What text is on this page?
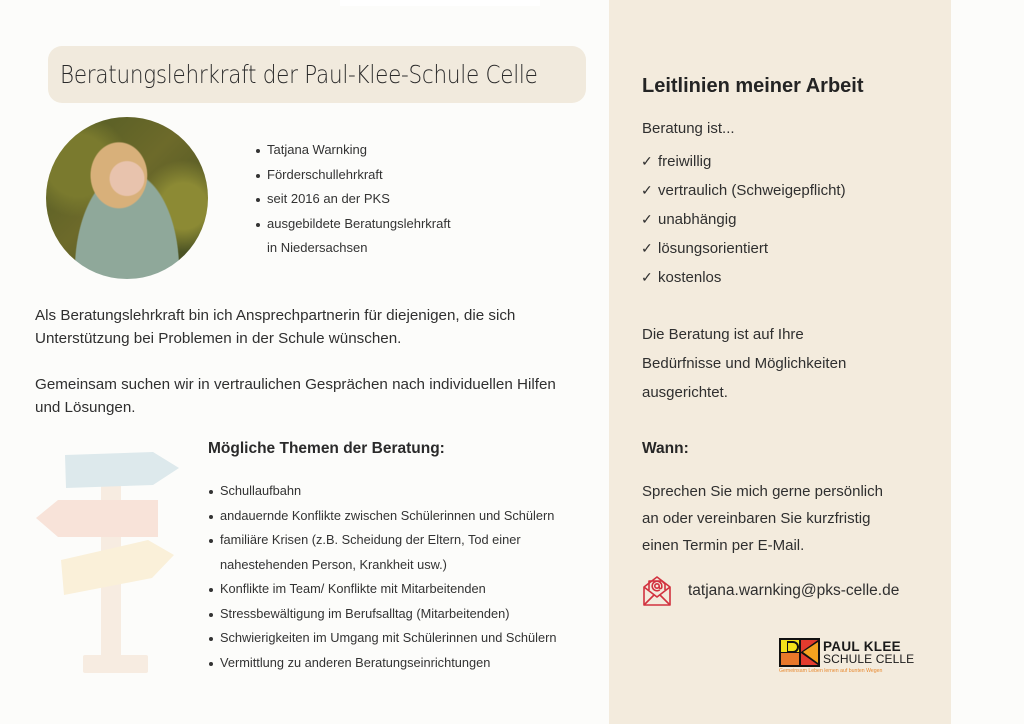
Beratungslehrkraft der Paul-Klee-Schule Celle
Tatjana Warnking
Förderschullehrkraft
seit 2016 an der PKS
ausgebildete Beratungslehrkraft
in Niedersachsen

Als Beratungslehrkraft bin ich Ansprechpartnerin für diejenigen, die sich Unterstützung bei Problemen in der Schule wünschen.

Gemeinsam suchen wir in vertraulichen Gesprächen nach individuellen Hilfen und Lösungen.

Mögliche Themen der Beratung:
Schullaufbahn
andauernde Konflikte zwischen Schülerinnen und Schülern
familiäre Krisen (z.B. Scheidung der Eltern, Tod einer
nahestehenden Person, Krankheit usw.)
Konflikte im Team/ Konflikte mit Mitarbeitenden
Stressbewältigung im Berufsalltag (Mitarbeitenden)
Schwierigkeiten im Umgang mit Schülerinnen und Schülern
Vermittlung zu anderen Beratungseinrichtungen
Leitlinien meiner Arbeit
Beratung ist...
✓ freiwillig
✓ vertraulich (Schweigepflicht)
✓ unabhängig
✓ lösungsorientiert
✓ kostenlos
Die Beratung ist auf Ihre
Bedürfnisse und Möglichkeiten
ausgerichtet.
Wann:
Sprechen Sie mich gerne persönlich
an oder vereinbaren Sie kurzfristig
einen Termin per E-Mail.
tatjana.warnking@pks-celle.de
PAUL KLEE
SCHULE CELLE
Gemeinsam Leben lernen auf bunten Wegen
